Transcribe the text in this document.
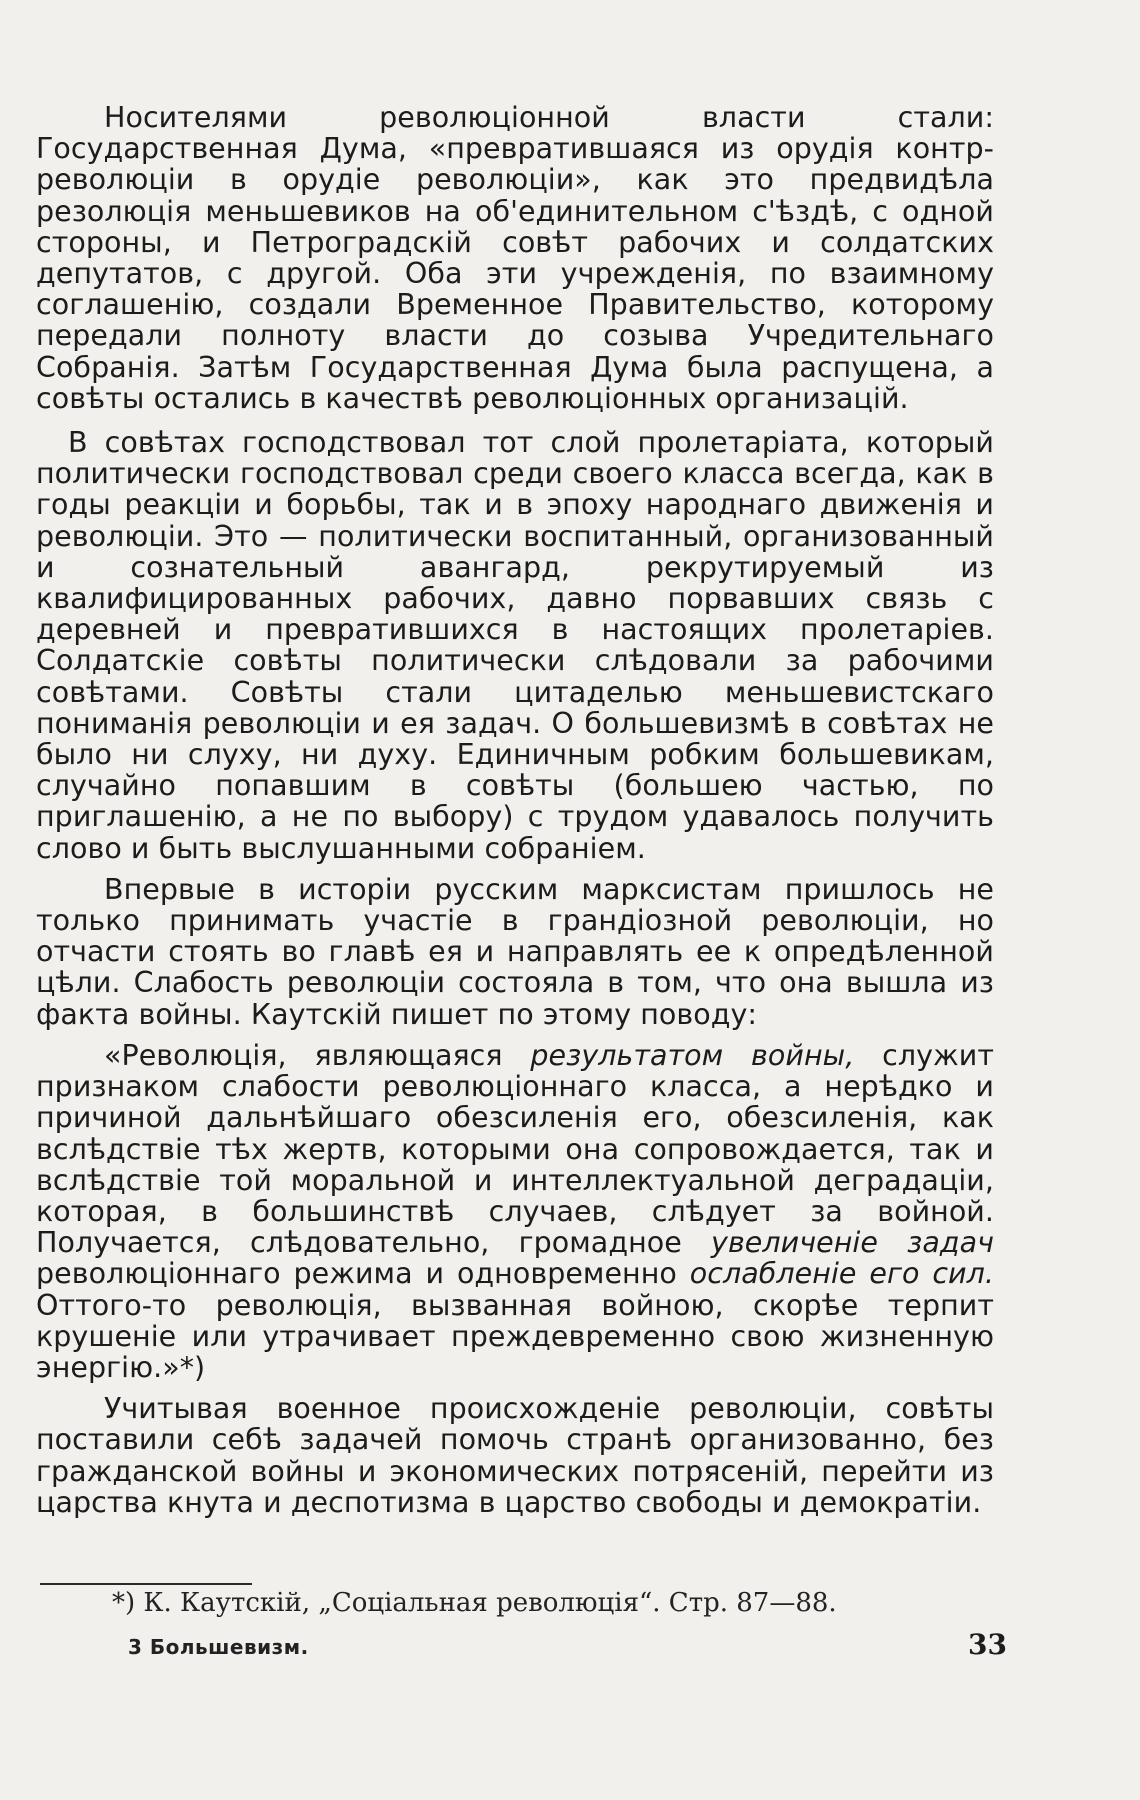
Носителями революціонной власти стали: Государственная Дума, «превратившаяся из орудія контр-революціи в орудіе революціи», как это предвидѣла резолюція меньшевиков на об'единительном с'ѣздѣ, с одной стороны, и Петроградскій совѣт рабочих и солдатских депутатов, с другой. Оба эти учрежденія, по взаимному соглашенію, создали Временное Правительство, которому передали полноту власти до созыва Учредительнаго Собранія. Затѣм Государственная Дума была распущена, а совѣты остались в качествѣ революціонных организацій.

В совѣтах господствовал тот слой пролетаріата, который политически господствовал среди своего класса всегда, как в годы реакціи и борьбы, так и в эпоху народнаго движенія и революціи. Это — политически воспитанный, организованный и сознательный авангард, рекрутируемый из квалифицированных рабочих, давно порвавших связь с деревней и превратившихся в настоящих пролетаріев. Солдатскіе совѣты политически слѣдовали за рабочими совѣтами. Совѣты стали цитаделью меньшевистскаго пониманія революціи и ея задач. О большевизмѣ в совѣтах не было ни слуху, ни духу. Единичным робким большевикам, случайно попавшим в совѣты (большею частью, по приглашенію, а не по выбору) с трудом удавалось получить слово и быть выслушанными собраніем.

Впервые в исторіи русским марксистам пришлось не только принимать участіе в грандіозной революціи, но отчасти стоять во главѣ ея и направлять ее к опредѣленной цѣли. Слабость революціи состояла в том, что она вышла из факта войны. Каутскій пишет по этому поводу:

«Революція, являющаяся результатом войны, служит признаком слабости революціоннаго класса, а нерѣдко и причиной дальнѣйшаго обезсиленія его, обезсиленія, как вслѣдствіе тѣх жертв, которыми она сопровождается, так и вслѣдствіе той моральной и интеллектуальной деградаціи, которая, в большинствѣ случаев, слѣдует за войной. Получается, слѣдовательно, громадное увеличеніе задач революціоннаго режима и одновременно ослабленіе его сил. Оттого-то революція, вызванная войною, скорѣе терпит крушеніе или утрачивает преждевременно свою жизненную энергію.»*)

Учитывая военное происхожденіе революціи, совѣты поставили себѣ задачей помочь странѣ организованно, без гражданской войны и экономических потрясеній, перейти из царства кнута и деспотизма в царство свободы и демократіи.

*) К. Каутскій, „Соціальная революція“. Стр. 87—88.
3 Большевизм.	33
